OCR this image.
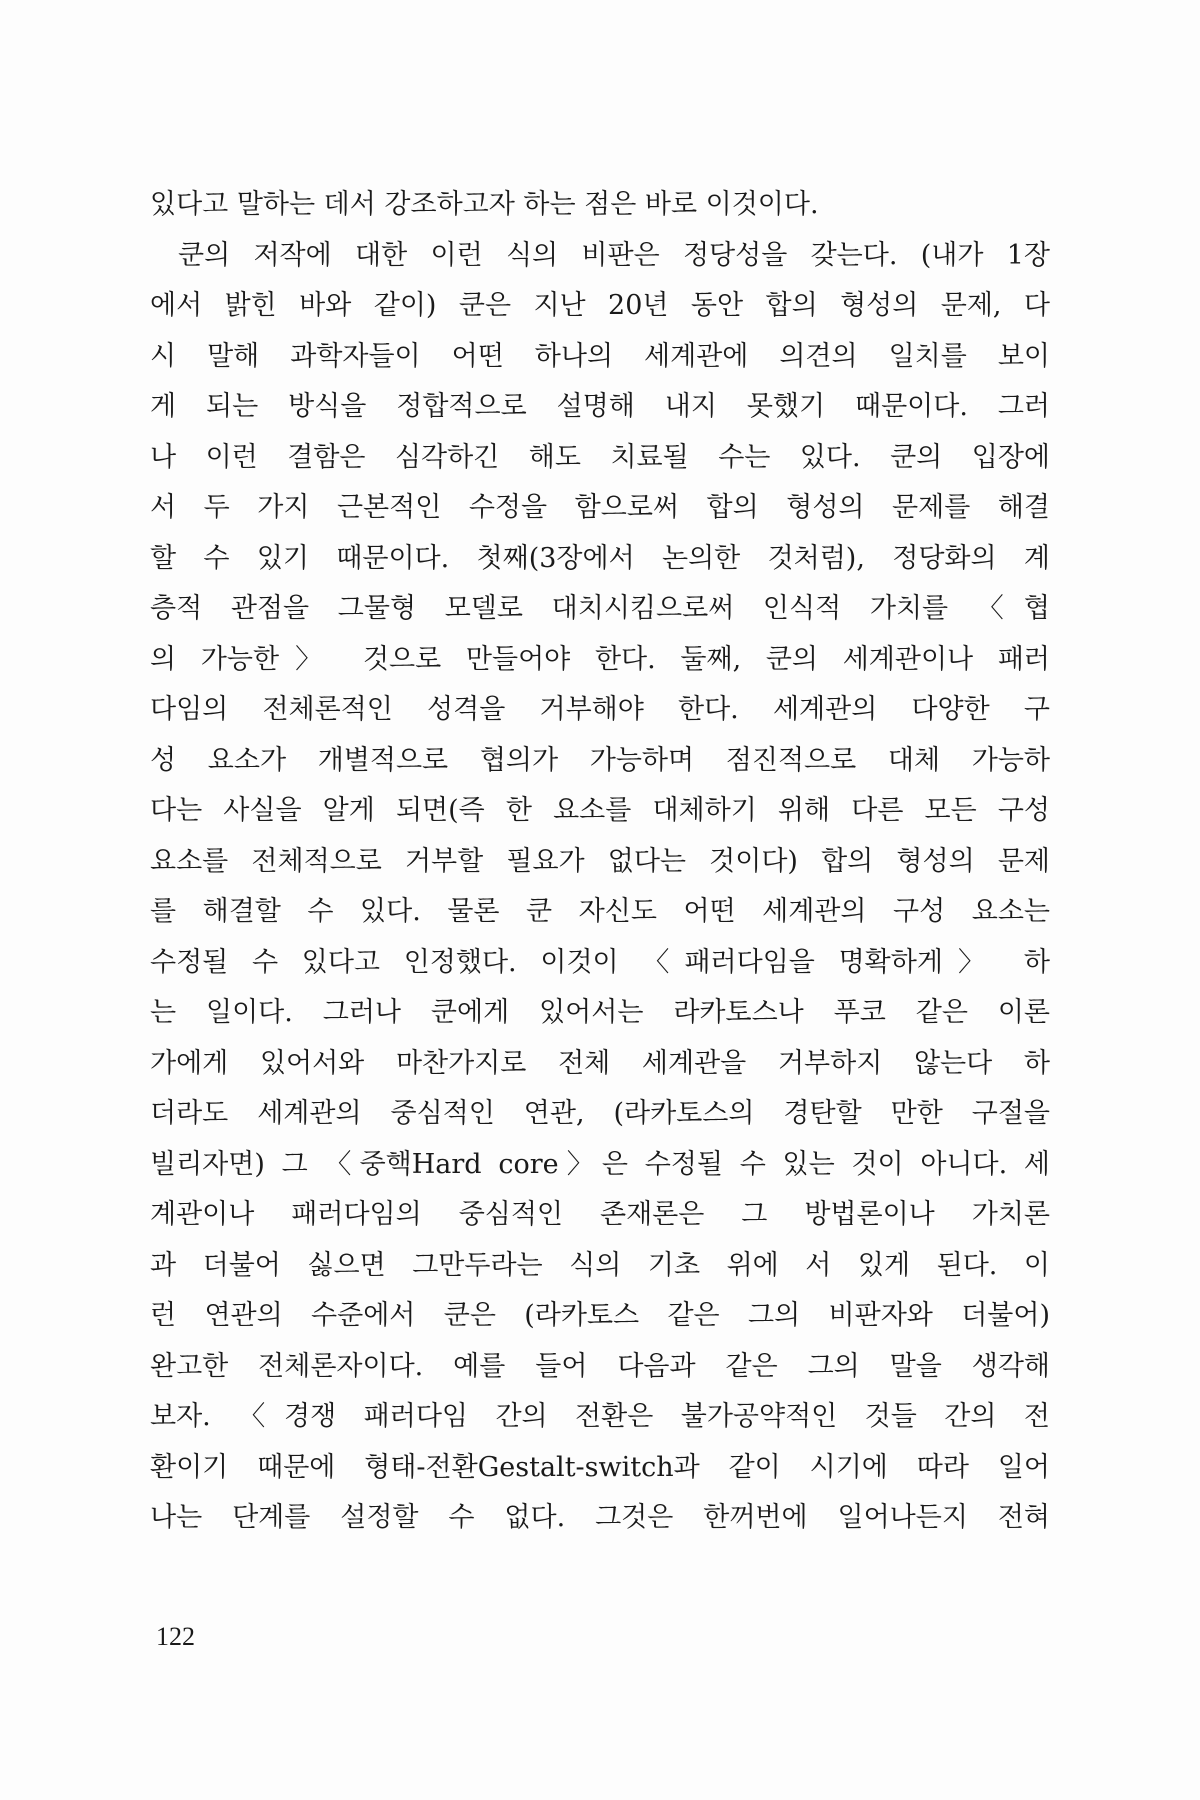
있다고 말하는 데서 강조하고자 하는 점은 바로 이것이다.
쿤의 저작에 대한 이런 식의 비판은 정당성을 갖는다. (내가 1장
에서 밝힌 바와 같이) 쿤은 지난 20년 동안 합의 형성의 문제, 다
시 말해 과학자들이 어떤 하나의 세계관에 의견의 일치를 보이
게 되는 방식을 정합적으로 설명해 내지 못했기 때문이다. 그러
나 이런 결함은 심각하긴 해도 치료될 수는 있다. 쿤의 입장에
서 두 가지 근본적인 수정을 함으로써 합의 형성의 문제를 해결
할 수 있기 때문이다. 첫째(3장에서 논의한 것처럼), 정당화의 계
층적 관점을 그물형 모델로 대치시킴으로써 인식적 가치를 〈협
의 가능한〉 것으로 만들어야 한다. 둘째, 쿤의 세계관이나 패러
다임의 전체론적인 성격을 거부해야 한다. 세계관의 다양한 구
성 요소가 개별적으로 협의가 가능하며 점진적으로 대체 가능하
다는 사실을 알게 되면(즉 한 요소를 대체하기 위해 다른 모든 구성
요소를 전체적으로 거부할 필요가 없다는 것이다) 합의 형성의 문제
를 해결할 수 있다. 물론 쿤 자신도 어떤 세계관의 구성 요소는
수정될 수 있다고 인정했다. 이것이 〈패러다임을 명확하게〉 하
는 일이다. 그러나 쿤에게 있어서는 라카토스나 푸코 같은 이론
가에게 있어서와 마찬가지로 전체 세계관을 거부하지 않는다 하
더라도 세계관의 중심적인 연관, (라카토스의 경탄할 만한 구절을
빌리자면) 그 〈중핵Hard core〉은 수정될 수 있는 것이 아니다. 세
계관이나 패러다임의 중심적인 존재론은 그 방법론이나 가치론
과 더불어 싫으면 그만두라는 식의 기초 위에 서 있게 된다. 이
런 연관의 수준에서 쿤은 (라카토스 같은 그의 비판자와 더불어)
완고한 전체론자이다. 예를 들어 다음과 같은 그의 말을 생각해
보자. 〈경쟁 패러다임 간의 전환은 불가공약적인 것들 간의 전
환이기 때문에 형태-전환Gestalt-switch과 같이 시기에 따라 일어
나는 단계를 설정할 수 없다. 그것은 한꺼번에 일어나든지 전혀
122
